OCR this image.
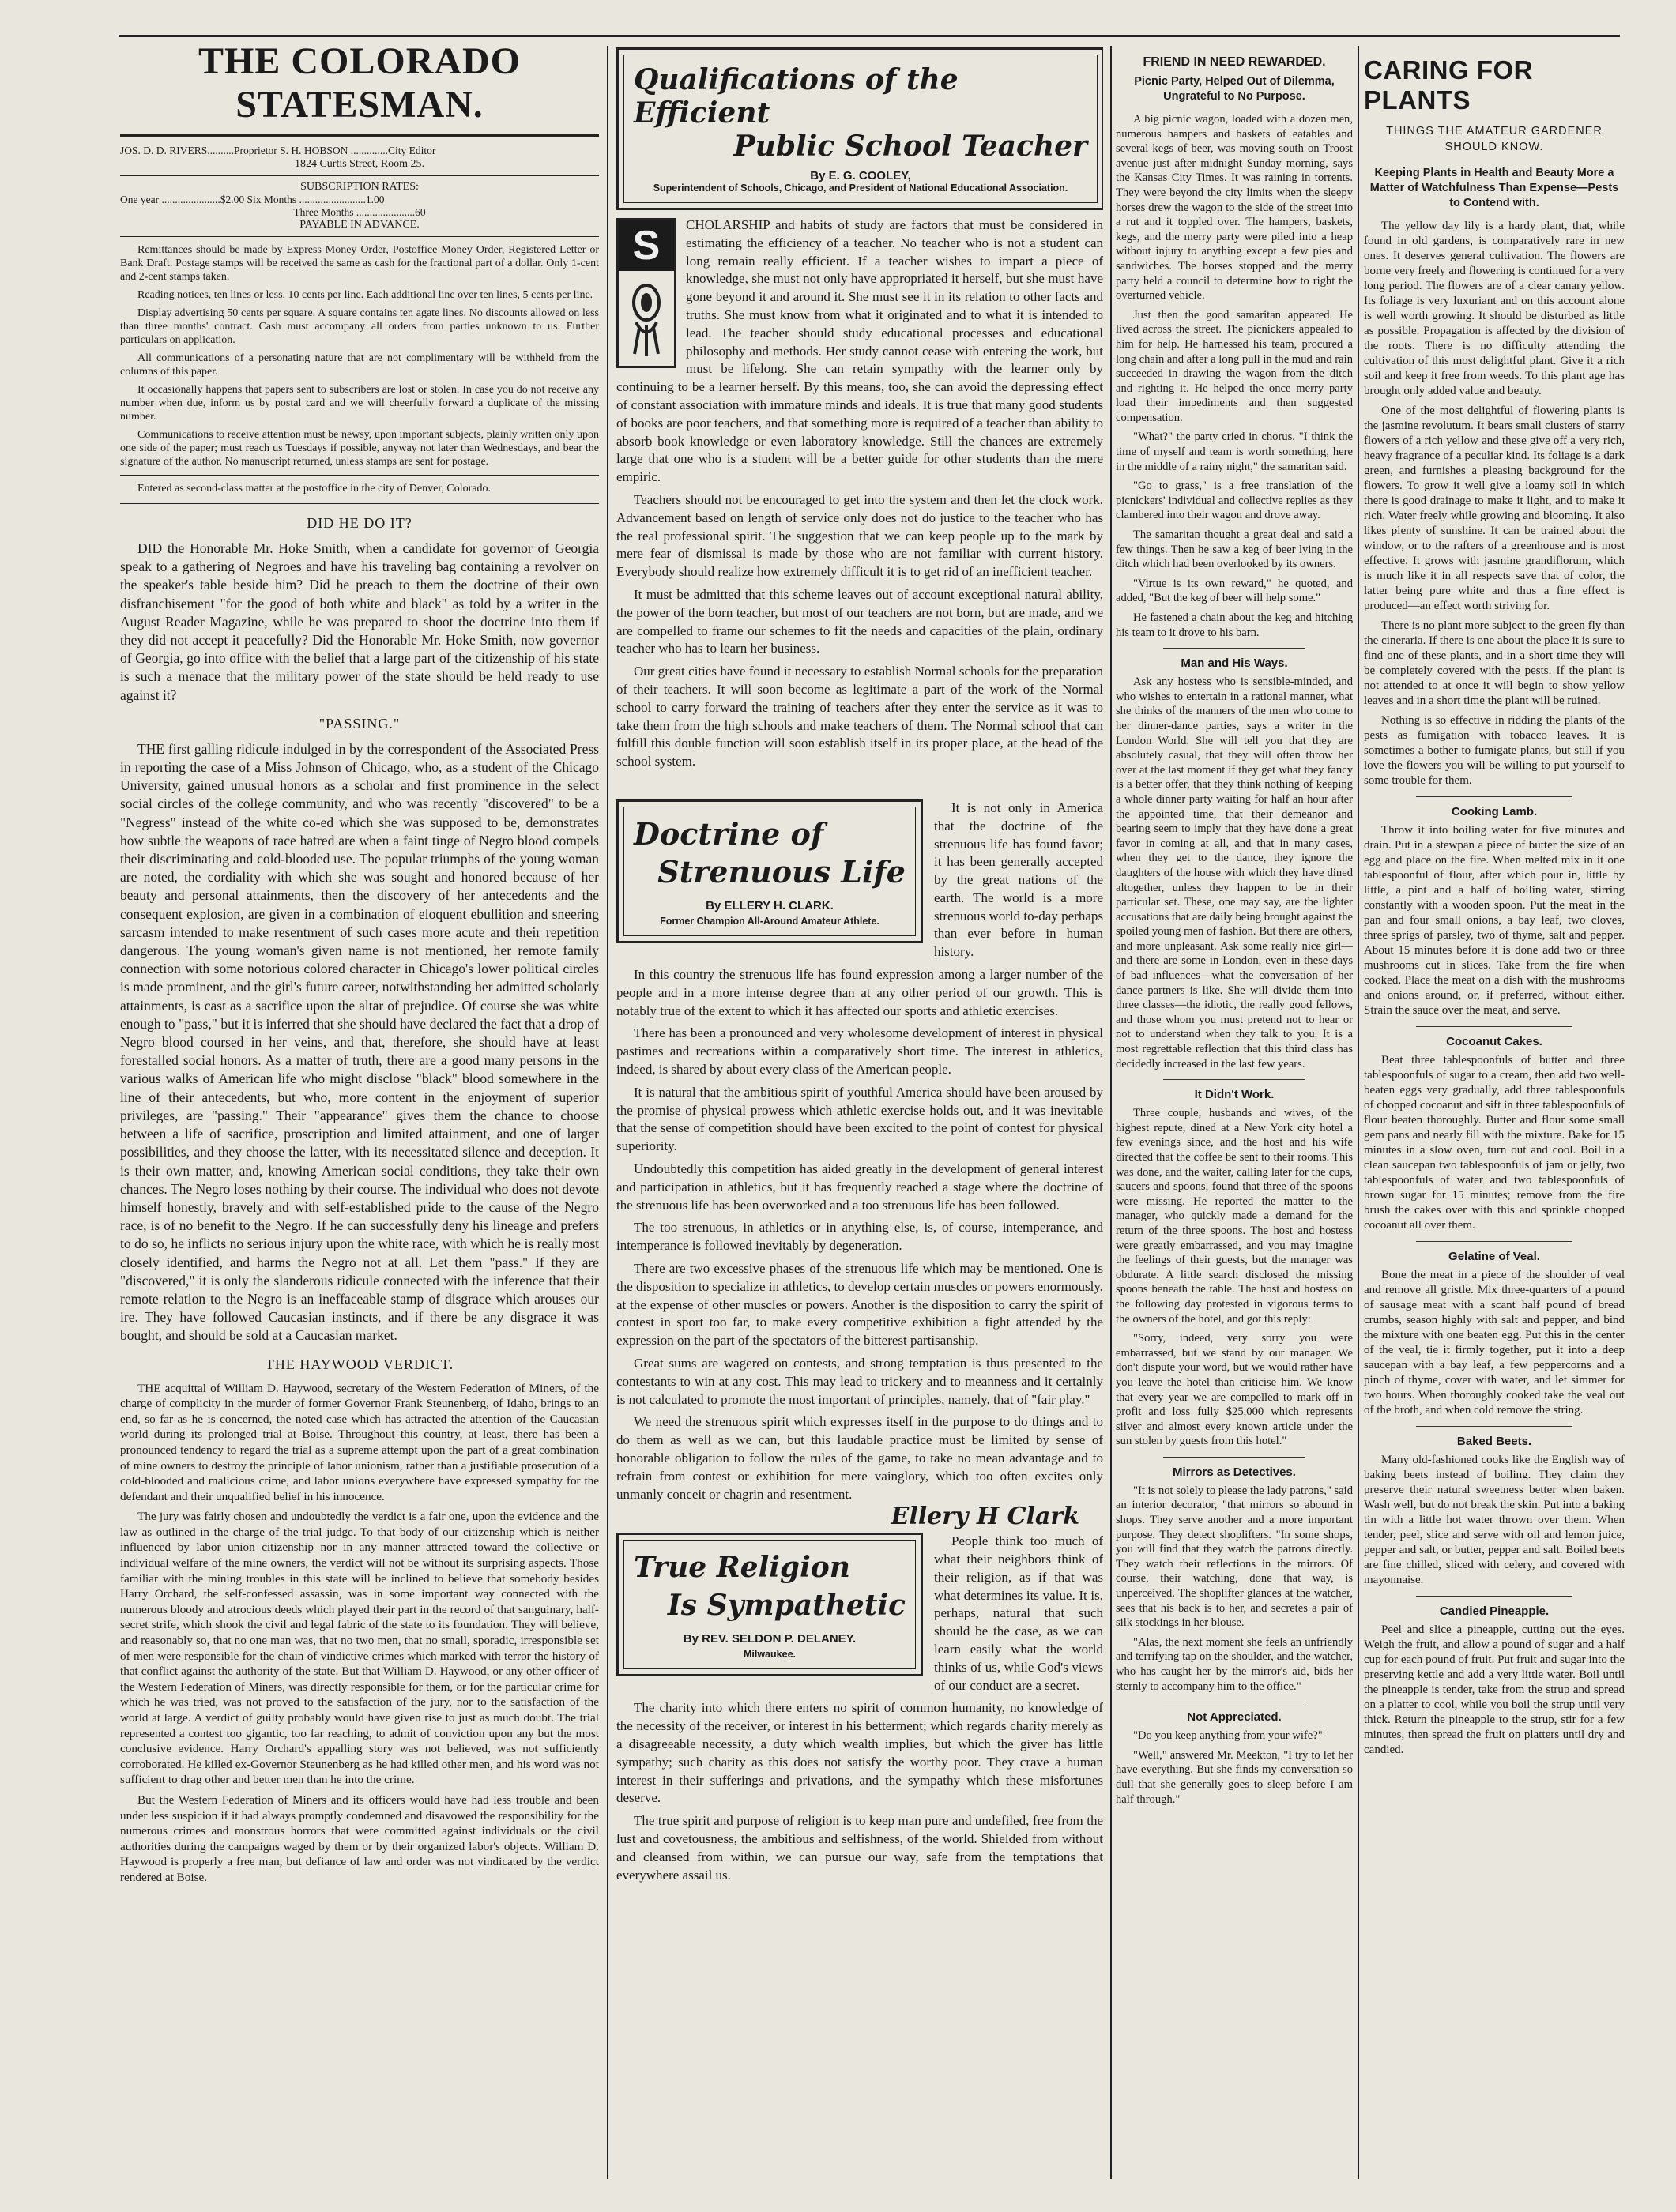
THE COLORADO STATESMAN.
JOS. D. D. RIVERS..........Proprietor S. H. HOBSON ..............City Editor
1824 Curtis Street, Room 25.
SUBSCRIPTION RATES:
One year ......................$2.00 Six Months .........................1.00
Three Months ......................60
PAYABLE IN ADVANCE.

Remittances should be made by Express Money Order, Postoffice Money Order, Registered Letter or Bank Draft. Postage stamps will be received the same as cash for the fractional part of a dollar. Only 1-cent and 2-cent stamps taken.

Reading notices, ten lines or less, 10 cents per line. Each additional line over ten lines, 5 cents per line.

Display advertising 50 cents per square. A square contains ten agate lines. No discounts allowed on less than three months' contract. Cash must accompany all orders from parties unknown to us. Further particulars on application.

All communications of a personating nature that are not complimentary will be withheld from the columns of this paper.

It occasionally happens that papers sent to subscribers are lost or stolen. In case you do not receive any number when due, inform us by postal card and we will cheerfully forward a duplicate of the missing number.

Communications to receive attention must be newsy, upon important subjects, plainly written only upon one side of the paper; must reach us Tuesdays if possible, anyway not later than Wednesdays, and bear the signature of the author. No manuscript returned, unless stamps are sent for postage.

Entered as second-class matter at the postoffice in the city of Denver, Colorado.

DID HE DO IT?

DID the Honorable Mr. Hoke Smith, when a candidate for governor of Georgia speak to a gathering of Negroes and have his traveling bag containing a revolver on the speaker's table beside him? Did he preach to them the doctrine of their own disfranchisement "for the good of both white and black" as told by a writer in the August Reader Magazine, while he was prepared to shoot the doctrine into them if they did not accept it peacefully? Did the Honorable Mr. Hoke Smith, now governor of Georgia, go into office with the belief that a large part of the citizenship of his state is such a menace that the military power of the state should be held ready to use against it?

"PASSING."

THE first galling ridicule indulged in by the correspondent of the Associated Press in reporting the case of a Miss Johnson of Chicago, who, as a student of the Chicago University, gained unusual honors as a scholar and first prominence in the select social circles of the college community, and who was recently "discovered" to be a "Negress" instead of the white co-ed which she was supposed to be, demonstrates how subtle the weapons of race hatred are when a faint tinge of Negro blood compels their discriminating and cold-blooded use. The popular triumphs of the young woman are noted, the cordiality with which she was sought and honored because of her beauty and personal attainments, then the discovery of her antecedents and the consequent explosion, are given in a combination of eloquent ebullition and sneering sarcasm intended to make resentment of such cases more acute and their repetition dangerous. The young woman's given name is not mentioned, her remote family connection with some notorious colored character in Chicago's lower political circles is made prominent, and the girl's future career, notwithstanding her admitted scholarly attainments, is cast as a sacrifice upon the altar of prejudice. Of course she was white enough to "pass," but it is inferred that she should have declared the fact that a drop of Negro blood coursed in her veins, and that, therefore, she should have at least forestalled social honors. As a matter of truth, there are a good many persons in the various walks of American life who might disclose "black" blood somewhere in the line of their antecedents, but who, more content in the enjoyment of superior privileges, are "passing." Their "appearance" gives them the chance to choose between a life of sacrifice, proscription and limited attainment, and one of larger possibilities, and they choose the latter, with its necessitated silence and deception. It is their own matter, and, knowing American social conditions, they take their own chances. The Negro loses nothing by their course. The individual who does not devote himself honestly, bravely and with self-established pride to the cause of the Negro race, is of no benefit to the Negro. If he can successfully deny his lineage and prefers to do so, he inflicts no serious injury upon the white race, with which he is really most closely identified, and harms the Negro not at all. Let them "pass." If they are "discovered," it is only the slanderous ridicule connected with the inference that their remote relation to the Negro is an ineffaceable stamp of disgrace which arouses our ire. They have followed Caucasian instincts, and if there be any disgrace it was bought, and should be sold at a Caucasian market.

THE HAYWOOD VERDICT.

THE acquittal of William D. Haywood, secretary of the Western Federation of Miners, of the charge of complicity in the murder of former Governor Frank Steunenberg, of Idaho, brings to an end, so far as he is concerned, the noted case which has attracted the attention of the Caucasian world during its prolonged trial at Boise. Throughout this country, at least, there has been a pronounced tendency to regard the trial as a supreme attempt upon the part of a great combination of mine owners to destroy the principle of labor unionism, rather than a justifiable prosecution of a cold-blooded and malicious crime, and labor unions everywhere have expressed sympathy for the defendant and their unqualified belief in his innocence.

The jury was fairly chosen and undoubtedly the verdict is a fair one, upon the evidence and the law as outlined in the charge of the trial judge. To that body of our citizenship which is neither influenced by labor union citizenship nor in any manner attracted toward the collective or individual welfare of the mine owners, the verdict will not be without its surprising aspects. Those familiar with the mining troubles in this state will be inclined to believe that somebody besides Harry Orchard, the self-confessed assassin, was in some important way connected with the numerous bloody and atrocious deeds which played their part in the record of that sanguinary, half-secret strife, which shook the civil and legal fabric of the state to its foundation. They will believe, and reasonably so, that no one man was, that no two men, that no small, sporadic, irresponsible set of men were responsible for the chain of vindictive crimes which marked with terror the history of that conflict against the authority of the state. But that William D. Haywood, or any other officer of the Western Federation of Miners, was directly responsible for them, or for the particular crime for which he was tried, was not proved to the satisfaction of the jury, nor to the satisfaction of the world at large. A verdict of guilty probably would have given rise to just as much doubt. The trial represented a contest too gigantic, too far reaching, to admit of conviction upon any but the most conclusive evidence. Harry Orchard's appalling story was not believed, was not sufficiently corroborated. He killed ex-Governor Steunenberg as he had killed other men, and his word was not sufficient to drag other and better men than he into the crime.

But the Western Federation of Miners and its officers would have had less trouble and been under less suspicion if it had always promptly condemned and disavowed the responsibility for the numerous crimes and monstrous horrors that were committed against individuals or the civil authorities during the campaigns waged by them or by their organized labor's objects. William D. Haywood is properly a free man, but defiance of law and order was not vindicated by the verdict rendered at Boise.

Qualifications of the Efficient
Public School Teacher
By E. G. COOLEY,
Superintendent of Schools, Chicago, and President of National Educational Association.
S	CHOLARSHIP and habits of study are factors that must be considered in estimating the efficiency of a teacher. No teacher who is not a student can long remain really efficient. If a teacher wishes to impart a piece of knowledge, she must not only have appropriated it herself, but she must have gone beyond it and around it. She must see it in its relation to other facts and truths. She must know from what it originated and to what it is intended to lead. The teacher should study educational processes and educational philosophy and methods. Her study cannot cease with entering the work, but must be lifelong. She can retain sympathy with the learner only by continuing to be a learner herself. By this means, too, she can avoid the depressing effect of constant association with immature minds and ideals. It is true that many good students of books are poor teachers, and that something more is required of a teacher than ability to absorb book knowledge or even laboratory knowledge. Still the chances are extremely large that one who is a student will be a better guide for other students than the mere empiric.

Teachers should not be encouraged to get into the system and then let the clock work. Advancement based on length of service only does not do justice to the teacher who has the real professional spirit. The suggestion that we can keep people up to the mark by mere fear of dismissal is made by those who are not familiar with current history. Everybody should realize how extremely difficult it is to get rid of an inefficient teacher.

It must be admitted that this scheme leaves out of account exceptional natural ability, the power of the born teacher, but most of our teachers are not born, but are made, and we are compelled to frame our schemes to fit the needs and capacities of the plain, ordinary teacher who has to learn her business.

Our great cities have found it necessary to establish Normal schools for the preparation of their teachers. It will soon become as legitimate a part of the work of the Normal school to carry forward the training of teachers after they enter the service as it was to take them from the high schools and make teachers of them. The Normal school that can fulfill this double function will soon establish itself in its proper place, at the head of the school system.

Doctrine of
Strenuous Life
By ELLERY H. CLARK.
Former Champion All-Around Amateur Athlete.

It is not only in America that the doctrine of the strenuous life has found favor; it has been generally accepted by the great nations of the earth. The world is a more strenuous world to-day perhaps than ever before in human history.

In this country the strenuous life has found expression among a larger number of the people and in a more intense degree than at any other period of our growth. This is notably true of the extent to which it has affected our sports and athletic exercises.

There has been a pronounced and very wholesome development of interest in physical pastimes and recreations within a comparatively short time. The interest in athletics, indeed, is shared by about every class of the American people.

It is natural that the ambitious spirit of youthful America should have been aroused by the promise of physical prowess which athletic exercise holds out, and it was inevitable that the sense of competition should have been excited to the point of contest for physical superiority.

Undoubtedly this competition has aided greatly in the development of general interest and participation in athletics, but it has frequently reached a stage where the doctrine of the strenuous life has been overworked and a too strenuous life has been followed.

The too strenuous, in athletics or in anything else, is, of course, intemperance, and intemperance is followed inevitably by degeneration.

There are two excessive phases of the strenuous life which may be mentioned. One is the disposition to specialize in athletics, to develop certain muscles or powers enormously, at the expense of other muscles or powers. Another is the disposition to carry the spirit of contest in sport too far, to make every competitive exhibition a fight attended by the expression on the part of the spectators of the bitterest partisanship.

Great sums are wagered on contests, and strong temptation is thus presented to the contestants to win at any cost. This may lead to trickery and to meanness and it certainly is not calculated to promote the most important of principles, namely, that of "fair play."

We need the strenuous spirit which expresses itself in the purpose to do things and to do them as well as we can, but this laudable practice must be limited by sense of honorable obligation to follow the rules of the game, to take no mean advantage and to refrain from contest or exhibition for mere vainglory, which too often excites only unmanly conceit or chagrin and resentment.

Ellery H Clark
True Religion
Is Sympathetic
By REV. SELDON P. DELANEY.
Milwaukee.

People think too much of what their neighbors think of their religion, as if that was what determines its value. It is, perhaps, natural that such should be the case, as we can learn easily what the world thinks of us, while God's views of our conduct are a secret.

The charity into which there enters no spirit of common humanity, no knowledge of the necessity of the receiver, or interest in his betterment; which regards charity merely as a disagreeable necessity, a duty which wealth implies, but which the giver has little sympathy; such charity as this does not satisfy the worthy poor. They crave a human interest in their sufferings and privations, and the sympathy which these misfortunes deserve.

The true spirit and purpose of religion is to keep man pure and undefiled, free from the lust and covetousness, the ambitious and selfishness, of the world. Shielded from without and cleansed from within, we can pursue our way, safe from the temptations that everywhere assail us.

FRIEND IN NEED REWARDED.
Picnic Party, Helped Out of Dilemma, Ungrateful to No Purpose.

A big picnic wagon, loaded with a dozen men, numerous hampers and baskets of eatables and several kegs of beer, was moving south on Troost avenue just after midnight Sunday morning, says the Kansas City Times. It was raining in torrents. They were beyond the city limits when the sleepy horses drew the wagon to the side of the street into a rut and it toppled over. The hampers, baskets, kegs, and the merry party were piled into a heap without injury to anything except a few pies and sandwiches. The horses stopped and the merry party held a council to determine how to right the overturned vehicle.

Just then the good samaritan appeared. He lived across the street. The picnickers appealed to him for help. He harnessed his team, procured a long chain and after a long pull in the mud and rain succeeded in drawing the wagon from the ditch and righting it. He helped the once merry party load their impediments and then suggested compensation.

"What?" the party cried in chorus. "I think the time of myself and team is worth something, here in the middle of a rainy night," the samaritan said.

"Go to grass," is a free translation of the picnickers' individual and collective replies as they clambered into their wagon and drove away.

The samaritan thought a great deal and said a few things. Then he saw a keg of beer lying in the ditch which had been overlooked by its owners.

"Virtue is its own reward," he quoted, and added, "But the keg of beer will help some."

He fastened a chain about the keg and hitching his team to it drove to his barn.

Man and His Ways.

Ask any hostess who is sensible-minded, and who wishes to entertain in a rational manner, what she thinks of the manners of the men who come to her dinner-dance parties, says a writer in the London World. She will tell you that they are absolutely casual, that they will often throw her over at the last moment if they get what they fancy is a better offer, that they think nothing of keeping a whole dinner party waiting for half an hour after the appointed time, that their demeanor and bearing seem to imply that they have done a great favor in coming at all, and that in many cases, when they get to the dance, they ignore the daughters of the house with which they have dined altogether, unless they happen to be in their particular set. These, one may say, are the lighter accusations that are daily being brought against the spoiled young men of fashion. But there are others, and more unpleasant. Ask some really nice girl—and there are some in London, even in these days of bad influences—what the conversation of her dance partners is like. She will divide them into three classes—the idiotic, the really good fellows, and those whom you must pretend not to hear or not to understand when they talk to you. It is a most regrettable reflection that this third class has decidedly increased in the last few years.

It Didn't Work.

Three couple, husbands and wives, of the highest repute, dined at a New York city hotel a few evenings since, and the host and his wife directed that the coffee be sent to their rooms. This was done, and the waiter, calling later for the cups, saucers and spoons, found that three of the spoons were missing. He reported the matter to the manager, who quickly made a demand for the return of the three spoons. The host and hostess were greatly embarrassed, and you may imagine the feelings of their guests, but the manager was obdurate. A little search disclosed the missing spoons beneath the table. The host and hostess on the following day protested in vigorous terms to the owners of the hotel, and got this reply:

"Sorry, indeed, very sorry you were embarrassed, but we stand by our manager. We don't dispute your word, but we would rather have you leave the hotel than criticise him. We know that every year we are compelled to mark off in profit and loss fully $25,000 which represents silver and almost every known article under the sun stolen by guests from this hotel."

Mirrors as Detectives.

"It is not solely to please the lady patrons," said an interior decorator, "that mirrors so abound in shops. They serve another and a more important purpose. They detect shoplifters. "In some shops, you will find that they watch the patrons directly. They watch their reflections in the mirrors. Of course, their watching, done that way, is unperceived. The shoplifter glances at the watcher, sees that his back is to her, and secretes a pair of silk stockings in her blouse.

"Alas, the next moment she feels an unfriendly and terrifying tap on the shoulder, and the watcher, who has caught her by the mirror's aid, bids her sternly to accompany him to the office."

Not Appreciated.

"Do you keep anything from your wife?"

"Well," answered Mr. Meekton, "I try to let her have everything. But she finds my conversation so dull that she generally goes to sleep before I am half through."

CARING FOR PLANTS
THINGS THE AMATEUR GARDENER SHOULD KNOW.
Keeping Plants in Health and Beauty More a Matter of Watchfulness Than Expense—Pests to Contend with.

The yellow day lily is a hardy plant, that, while found in old gardens, is comparatively rare in new ones. It deserves general cultivation. The flowers are borne very freely and flowering is continued for a very long period. The flowers are of a clear canary yellow. Its foliage is very luxuriant and on this account alone is well worth growing. It should be disturbed as little as possible. Propagation is affected by the division of the roots. There is no difficulty attending the cultivation of this most delightful plant. Give it a rich soil and keep it free from weeds. To this plant age has brought only added value and beauty.

One of the most delightful of flowering plants is the jasmine revolutum. It bears small clusters of starry flowers of a rich yellow and these give off a very rich, heavy fragrance of a peculiar kind. Its foliage is a dark green, and furnishes a pleasing background for the flowers. To grow it well give a loamy soil in which there is good drainage to make it light, and to make it rich. Water freely while growing and blooming. It also likes plenty of sunshine. It can be trained about the window, or to the rafters of a greenhouse and is most effective. It grows with jasmine grandiflorum, which is much like it in all respects save that of color, the latter being pure white and thus a fine effect is produced—an effect worth striving for.

There is no plant more subject to the green fly than the cineraria. If there is one about the place it is sure to find one of these plants, and in a short time they will be completely covered with the pests. If the plant is not attended to at once it will begin to show yellow leaves and in a short time the plant will be ruined.

Nothing is so effective in ridding the plants of the pests as fumigation with tobacco leaves. It is sometimes a bother to fumigate plants, but still if you love the flowers you will be willing to put yourself to some trouble for them.

Cooking Lamb.

Throw it into boiling water for five minutes and drain. Put in a stewpan a piece of butter the size of an egg and place on the fire. When melted mix in it one tablespoonful of flour, after which pour in, little by little, a pint and a half of boiling water, stirring constantly with a wooden spoon. Put the meat in the pan and four small onions, a bay leaf, two cloves, three sprigs of parsley, two of thyme, salt and pepper. About 15 minutes before it is done add two or three mushrooms cut in slices. Take from the fire when cooked. Place the meat on a dish with the mushrooms and onions around, or, if preferred, without either. Strain the sauce over the meat, and serve.

Cocoanut Cakes.

Beat three tablespoonfuls of butter and three tablespoonfuls of sugar to a cream, then add two well-beaten eggs very gradually, add three tablespoonfuls of chopped cocoanut and sift in three tablespoonfuls of flour beaten thoroughly. Butter and flour some small gem pans and nearly fill with the mixture. Bake for 15 minutes in a slow oven, turn out and cool. Boil in a clean saucepan two tablespoonfuls of jam or jelly, two tablespoonfuls of water and two tablespoonfuls of brown sugar for 15 minutes; remove from the fire brush the cakes over with this and sprinkle chopped cocoanut all over them.

Gelatine of Veal.

Bone the meat in a piece of the shoulder of veal and remove all gristle. Mix three-quarters of a pound of sausage meat with a scant half pound of bread crumbs, season highly with salt and pepper, and bind the mixture with one beaten egg. Put this in the center of the veal, tie it firmly together, put it into a deep saucepan with a bay leaf, a few peppercorns and a pinch of thyme, cover with water, and let simmer for two hours. When thoroughly cooked take the veal out of the broth, and when cold remove the string.

Baked Beets.

Many old-fashioned cooks like the English way of baking beets instead of boiling. They claim they preserve their natural sweetness better when baken. Wash well, but do not break the skin. Put into a baking tin with a little hot water thrown over them. When tender, peel, slice and serve with oil and lemon juice, pepper and salt, or butter, pepper and salt. Boiled beets are fine chilled, sliced with celery, and covered with mayonnaise.

Candied Pineapple.

Peel and slice a pineapple, cutting out the eyes. Weigh the fruit, and allow a pound of sugar and a half cup for each pound of fruit. Put fruit and sugar into the preserving kettle and add a very little water. Boil until the pineapple is tender, take from the strup and spread on a platter to cool, while you boil the strup until very thick. Return the pineapple to the strup, stir for a few minutes, then spread the fruit on platters until dry and candied.
